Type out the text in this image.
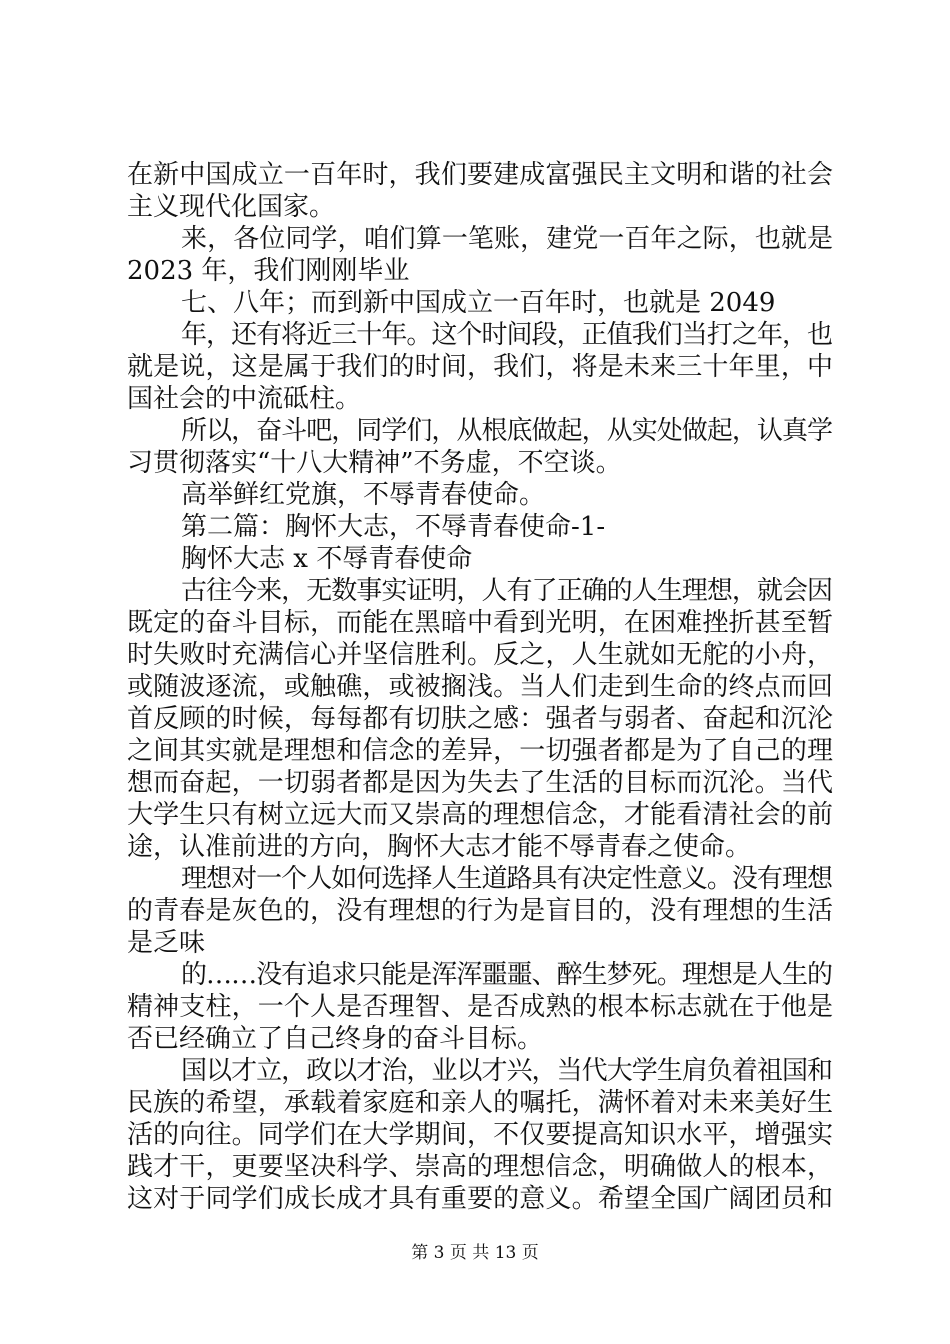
在新中国成立一百年时，我们要建成富强民主文明和谐的社会
主义现代化国家。
来，各位同学，咱们算一笔账，建党一百年之际，也就是
2023 年，我们刚刚毕业
七、八年；而到新中国成立一百年时，也就是 2049
年，还有将近三十年。这个时间段，正值我们当打之年，也
就是说，这是属于我们的时间，我们，将是未来三十年里，中
国社会的中流砥柱。
所以，奋斗吧，同学们，从根底做起，从实处做起，认真学
习贯彻落实“十八大精神”不务虚，不空谈。
高举鲜红党旗，不辱青春使命。
第二篇：胸怀大志，不辱青春使命-1-
胸怀大志 x 不辱青春使命
古往今来，无数事实证明，人有了正确的人生理想，就会因
既定的奋斗目标，而能在黑暗中看到光明，在困难挫折甚至暂
时失败时充满信心并坚信胜利。反之，人生就如无舵的小舟，
或随波逐流，或触礁，或被搁浅。当人们走到生命的终点而回
首反顾的时候，每每都有切肤之感：强者与弱者、奋起和沉沦
之间其实就是理想和信念的差异，一切强者都是为了自己的理
想而奋起，一切弱者都是因为失去了生活的目标而沉沦。当代
大学生只有树立远大而又崇高的理想信念，才能看清社会的前
途，认准前进的方向，胸怀大志才能不辱青春之使命。
理想对一个人如何选择人生道路具有决定性意义。没有理想
的青春是灰色的，没有理想的行为是盲目的，没有理想的生活
是乏味
的……没有追求只能是浑浑噩噩、醉生梦死。理想是人生的
精神支柱，一个人是否理智、是否成熟的根本标志就在于他是
否已经确立了自己终身的奋斗目标。
国以才立，政以才治，业以才兴，当代大学生肩负着祖国和
民族的希望，承载着家庭和亲人的嘱托，满怀着对未来美好生
活的向往。同学们在大学期间，不仅要提高知识水平，增强实
践才干，更要坚决科学、崇高的理想信念，明确做人的根本，
这对于同学们成长成才具有重要的意义。希望全国广阔团员和
第 3 页 共 13 页
